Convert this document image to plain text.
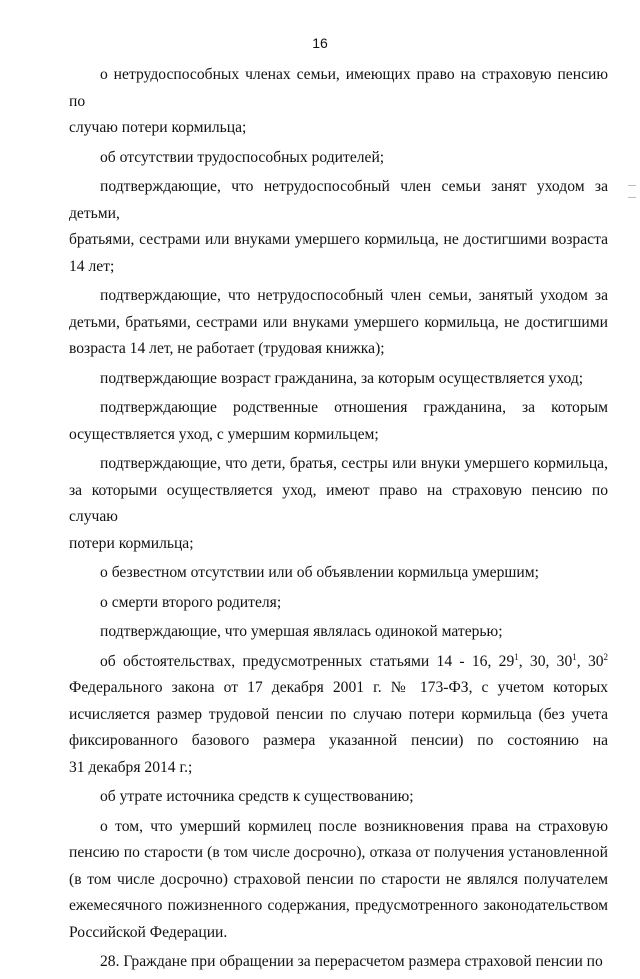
16
о нетрудоспособных членах семьи, имеющих право на страховую пенсию по
случаю потери кормильца;
об отсутствии трудоспособных родителей;
подтверждающие, что нетрудоспособный член семьи занят уходом за детьми,
братьями, сестрами или внуками умершего кормильца, не достигшими возраста
14 лет;
подтверждающие, что нетрудоспособный член семьи, занятый уходом за
детьми, братьями, сестрами или внуками умершего кормильца, не достигшими
возраста 14 лет, не работает (трудовая книжка);
подтверждающие возраст гражданина, за которым осуществляется уход;
подтверждающие родственные отношения гражданина, за которым
осуществляется уход, с умершим кормильцем;
подтверждающие, что дети, братья, сестры или внуки умершего кормильца,
за которыми осуществляется уход, имеют право на страховую пенсию по случаю
потери кормильца;
о безвестном отсутствии или об объявлении кормильца умершим;
о смерти второго родителя;
подтверждающие, что умершая являлась одинокой матерью;
об обстоятельствах, предусмотренных статьями 14 - 16, $29^1$, 30, $30^1$, $30^2$
Федерального закона от 17 декабря 2001 г. № 173-ФЗ, с учетом которых
исчисляется размер трудовой пенсии по случаю потери кормильца (без учета
фиксированного базового размера указанной пенсии) по состоянию на
31 декабря 2014 г.;
об утрате источника средств к существованию;
о том, что умерший кормилец после возникновения права на страховую
пенсию по старости (в том числе досрочно), отказа от получения установленной
(в том числе досрочно) страховой пенсии по старости не являлся получателем
ежемесячного пожизненного содержания, предусмотренного законодательством
Российской Федерации.
28. Граждане при обращении за перерасчетом размера страховой пенсии по
